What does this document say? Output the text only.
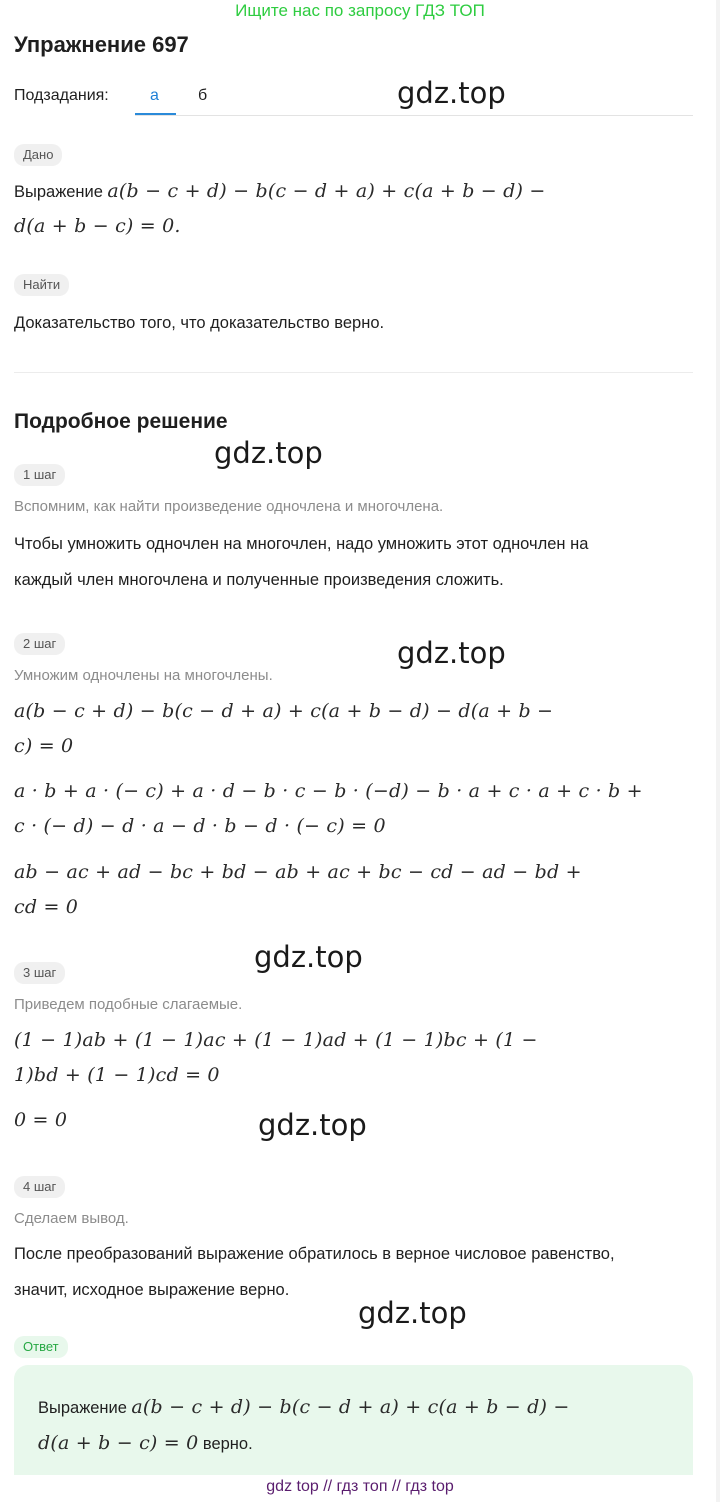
Ищите нас по запросу ГДЗ ТОП
Упражнение 697
Подзадания:	а б	gdz.top
Дано
Выражение a(b − c + d) − b(c − d + a) + c(a + b − d) −
d(a + b − c) = 0.
Найти
Доказательство того, что доказательство верно.
Подробное решение
gdz.top
1 шаг
Вспомним, как найти произведение одночлена и многочлена.
Чтобы умножить одночлен на многочлен, надо умножить этот одночлен на
каждый член многочлена и полученные произведения сложить.
2 шаг	gdz.top
Умножим одночлены на многочлены.
a(b − c + d) − b(c − d + a) + c(a + b − d) − d(a + b −
c) = 0
a · b + a · (− c) + a · d − b · c − b · (−d) − b · a + c · a + c · b +
c · (− d) − d · a − d · b − d · (− c) = 0
ab − ac + ad − bc + bd − ab + ac + bc − cd − ad − bd +
cd = 0
gdz.top
3 шаг
Приведем подобные слагаемые.
(1 − 1)ab + (1 − 1)ac + (1 − 1)ad + (1 − 1)bc + (1 −
1)bd + (1 − 1)cd = 0
0 = 0	gdz.top
4 шаг
Сделаем вывод.
После преобразований выражение обратилось в верное числовое равенство,
значит, исходное выражение верно.
gdz.top
Ответ
Выражение a(b − c + d) − b(c − d + a) + c(a + b − d) −
d(a + b − c) = 0 верно.
gdz top // гдз топ // гдз top
